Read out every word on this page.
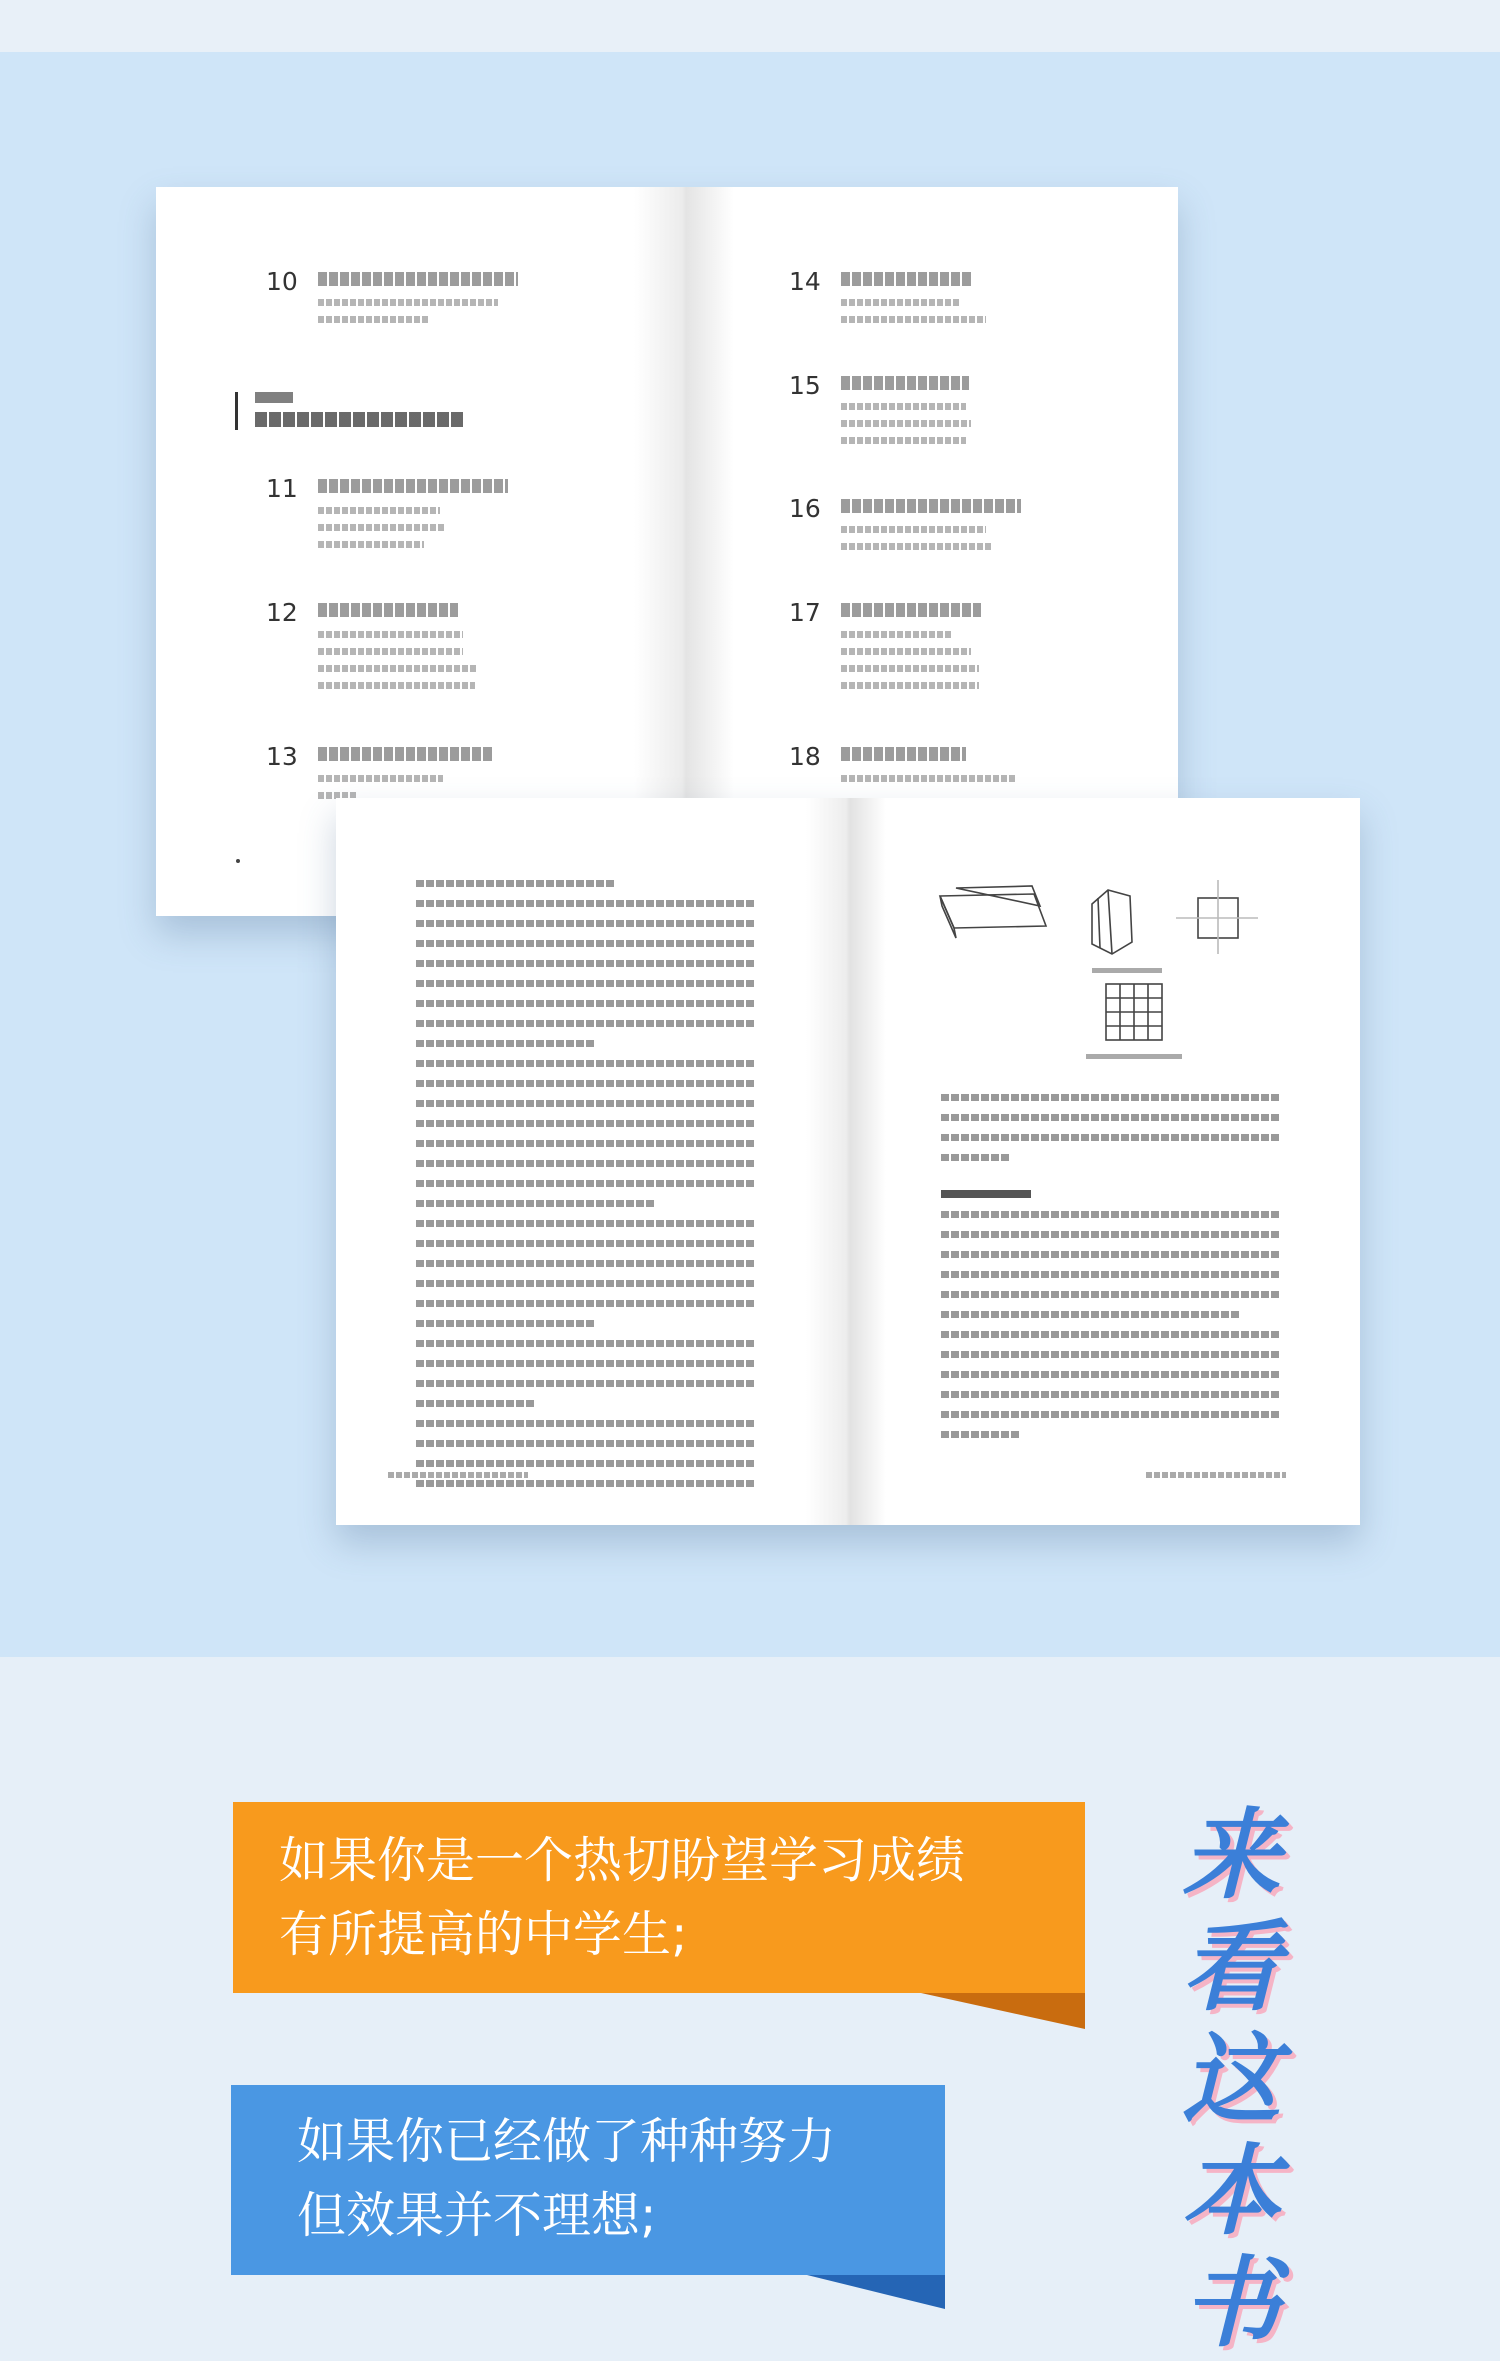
10
11
12
13
14
15
16
17
18
如果你是一个热切盼望学习成绩
有所提高的中学生;
如果你已经做了种种努力
但效果并不理想;
来
看
这
本
书
